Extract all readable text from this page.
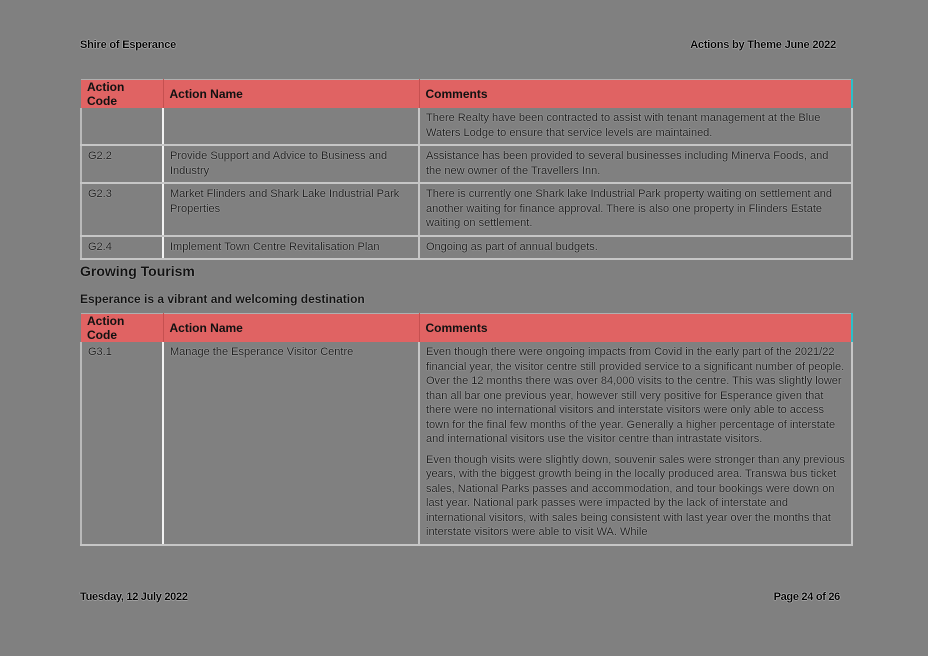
Shire of Esperance	Actions by Theme June 2022
Action Code	Action Name	Comments

		There Realty have been contracted to assist with tenant management at the Blue Waters Lodge to ensure that service levels are maintained.

G2.2	Provide Support and Advice to Business and Industry	Assistance has been provided to several businesses including Minerva Foods, and the new owner of the Travellers Inn.

G2.3	Market Flinders and Shark Lake Industrial Park Properties	There is currently one Shark lake Industrial Park property waiting on settlement and another waiting for finance approval. There is also one property in Flinders Estate waiting on settlement.

G2.4	Implement Town Centre Revitalisation Plan	Ongoing as part of annual budgets.

Growing Tourism
Esperance is a vibrant and welcoming destination
Action Code	Action Name	Comments
G3.1	Manage the Esperance Visitor Centre	Even though there were ongoing impacts from Covid in the early part of the 2021/22 financial year, the visitor centre still provided service to a significant number of people. Over the 12 months there was over 84,000 visits to the centre. This was slightly lower than all bar one previous year, however still very positive for Esperance given that there were no international visitors and interstate visitors were only able to access town for the final few months of the year. Generally a higher percentage of interstate and international visitors use the visitor centre than intrastate visitors.

Even though visits were slightly down, souvenir sales were stronger than any previous years, with the biggest growth being in the locally produced area. Transwa bus ticket sales, National Parks passes and accommodation, and tour bookings were down on last year. National park passes were impacted by the lack of interstate and international visitors, with sales being consistent with last year over the months that interstate visitors were able to visit WA. While

Tuesday, 12 July 2022	Page 24 of 26
